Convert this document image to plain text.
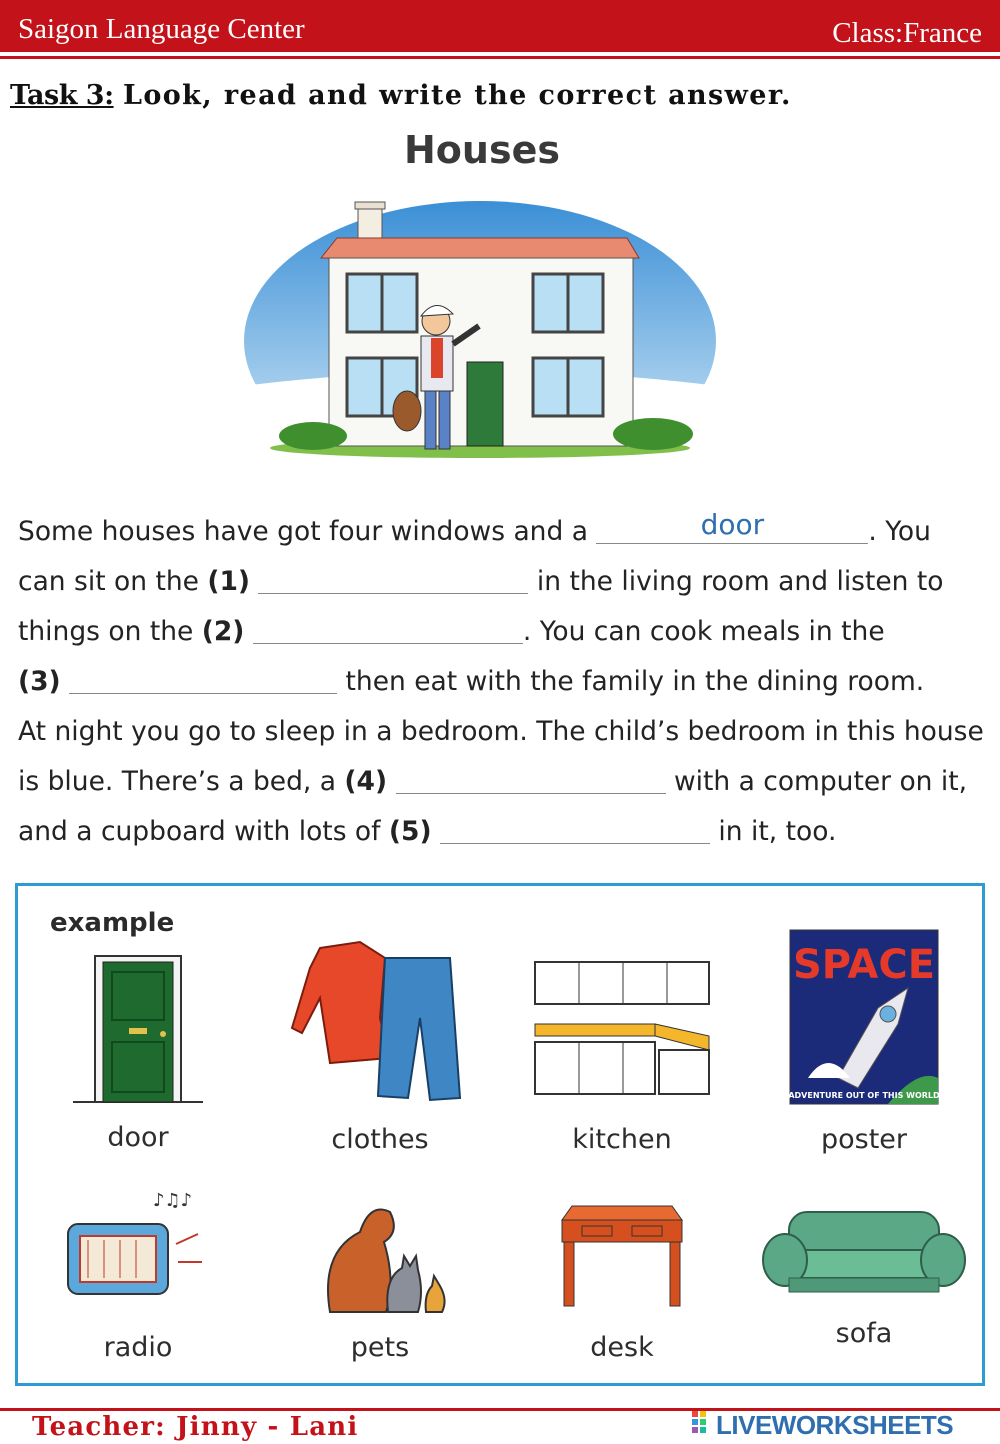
Saigon Language Center	Class:France
Task 3: Look, read and write the correct answer.
Houses
Some houses have got four windows and a	door	. You
can sit on the (1)	in the living room and listen to
things on the (2)	. You can cook meals in the
(3)	then eat with the family in the dining room.
At night you go to sleep in a bedroom. The child’s bedroom in this house
is blue. There’s a bed, a (4)	with a computer on it,
and a cupboard with lots of (5)	in it, too.
example
door	clothes	kitchen
SPACE
ADVENTURE OUT OF THIS WORLD
poster
♪♫♪
radio	pets	desk	sofa
Teacher: Jinny - Lani	LIVEWORKSHEETS
